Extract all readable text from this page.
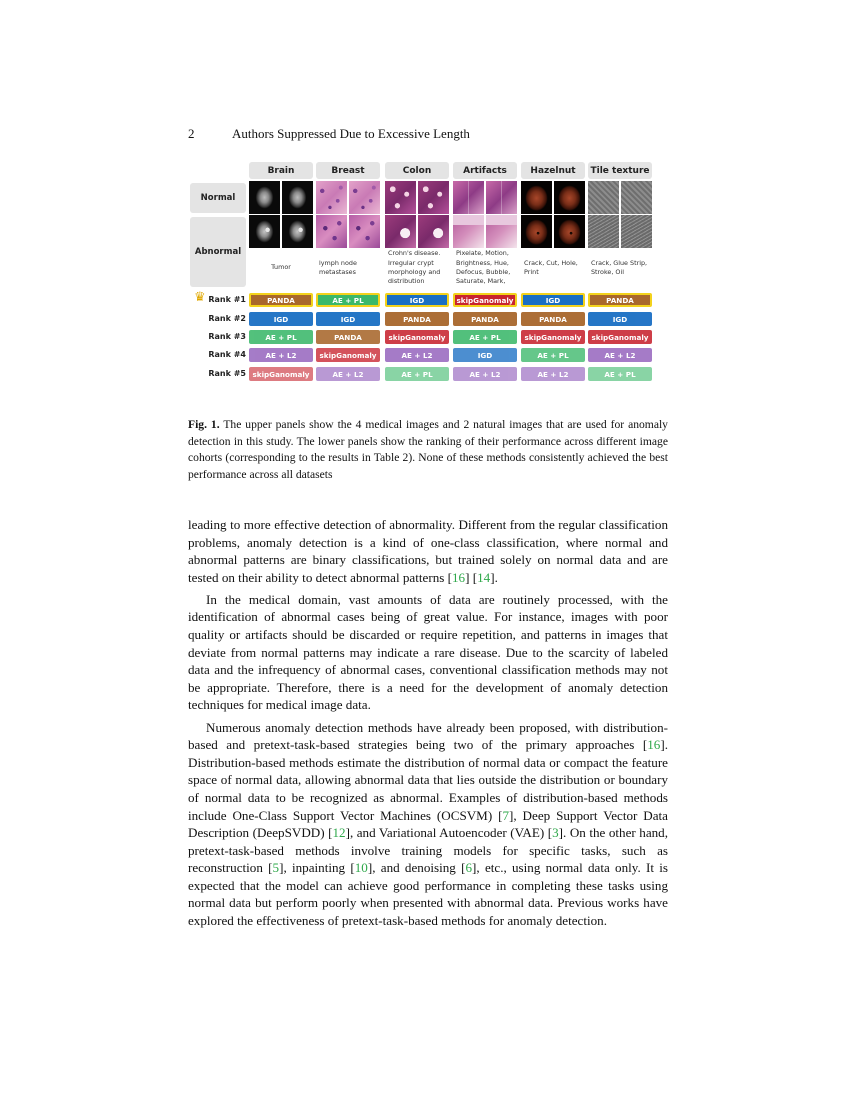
2	Authors Suppressed Due to Excessive Length
Normal
Abnormal
♛
Brain
Tumor
Breast
lymph node metastases
Colon
Crohn's disease. Irregular crypt morphology and distribution
Artifacts
Pixelate, Motion, Brightness, Hue, Defocus, Bubble, Saturate, Mark,
Hazelnut
Crack, Cut, Hole, Print
Tile texture
Crack, Glue Strip, Stroke, Oil
Rank #1
Rank #2
Rank #3
Rank #4
Rank #5
PANDA
IGD
AE + PL
AE + L2
skipGanomaly
AE + PL
IGD
PANDA
skipGanomaly
AE + L2
IGD
PANDA
skipGanomaly
AE + L2
AE + PL
skipGanomaly
PANDA
AE + PL
IGD
AE + L2
IGD
PANDA
skipGanomaly
AE + PL
AE + L2
PANDA
IGD
skipGanomaly
AE + L2
AE + PL
Fig. 1. The upper panels show the 4 medical images and 2 natural images that are used for anomaly detection in this study. The lower panels show the ranking of their performance across different image cohorts (corresponding to the results in Table 2). None of these methods consistently achieved the best performance across all datasets

leading to more effective detection of abnormality. Different from the regular classification problems, anomaly detection is a kind of one-class classification, where normal and abnormal patterns are binary classifications, but trained solely on normal data and are tested on their ability to detect abnormal patterns [16] [14].

In the medical domain, vast amounts of data are routinely processed, with the identification of abnormal cases being of great value. For instance, images with poor quality or artifacts should be discarded or require repetition, and patterns in images that deviate from normal patterns may indicate a rare disease. Due to the scarcity of labeled data and the infrequency of abnormal cases, conventional classification methods may not be appropriate. Therefore, there is a need for the development of anomaly detection techniques for medical image data.

Numerous anomaly detection methods have already been proposed, with distribution-based and pretext-task-based strategies being two of the primary approaches [16]. Distribution-based methods estimate the distribution of normal data or compact the feature space of normal data, allowing abnormal data that lies outside the distribution or boundary of normal data to be recognized as abnormal. Examples of distribution-based methods include One-Class Support Vector Machines (OCSVM) [7], Deep Support Vector Data Description (DeepSVDD) [12], and Variational Autoencoder (VAE) [3]. On the other hand, pretext-task-based methods involve training models for specific tasks, such as reconstruction [5], inpainting [10], and denoising [6], etc., using normal data only. It is expected that the model can achieve good performance in completing these tasks using normal data but perform poorly when presented with abnormal data. Previous works have explored the effectiveness of pretext-task-based methods for anomaly detection.
